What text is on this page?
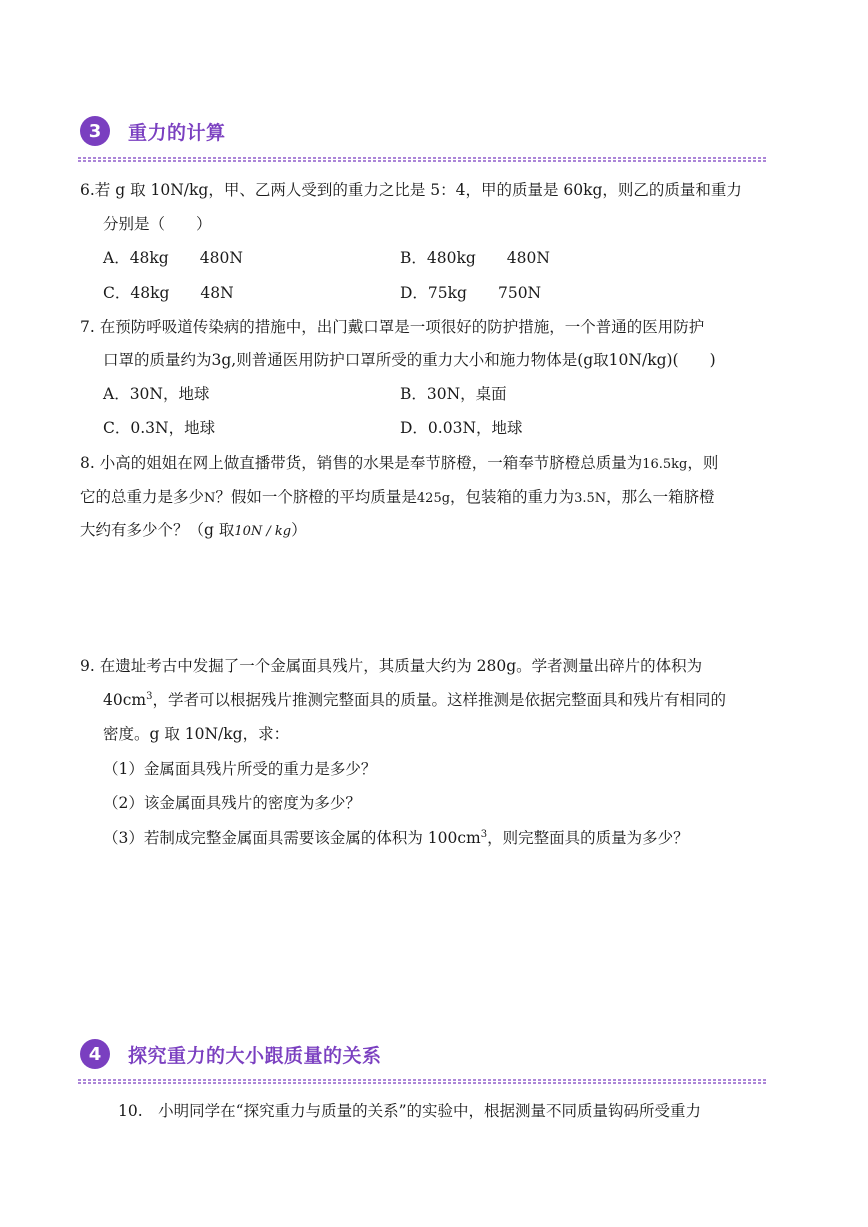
3	重力的计算
6.若 g 取 10N/kg，甲、乙两人受到的重力之比是 5：4，甲的质量是 60kg，则乙的质量和重力
分别是（　　）
A．48kg　　480N	B．480kg　　480N
C．48kg　　48N	D．75kg　　750N
7. 在预防呼吸道传染病的措施中，出门戴口罩是一项很好的防护措施，一个普通的医用防护
口罩的质量约为3g,则普通医用防护口罩所受的重力大小和施力物体是(g取10N/kg)(　　)
A．30N，地球	B．30N，桌面
C．0.3N，地球	D．0.03N，地球
8. 小高的姐姐在网上做直播带货，销售的水果是奉节脐橙，一箱奉节脐橙总质量为16.5kg，则
它的总重力是多少N？假如一个脐橙的平均质量是425g，包装箱的重力为3.5N，那么一箱脐橙
大约有多少个？（g 取10N / kg）
9. 在遗址考古中发掘了一个金属面具残片，其质量大约为 280g。学者测量出碎片的体积为
$40cm^3$，学者可以根据残片推测完整面具的质量。这样推测是依据完整面具和残片有相同的
密度。g 取 10N/kg，求：
（1）金属面具残片所受的重力是多少？
（2）该金属面具残片的密度为多少？
（3）若制成完整金属面具需要该金属的体积为 $100cm^3$，则完整面具的质量为多少？
4	探究重力的大小跟质量的关系
10.　小明同学在“探究重力与质量的关系”的实验中，根据测量不同质量钩码所受重力
